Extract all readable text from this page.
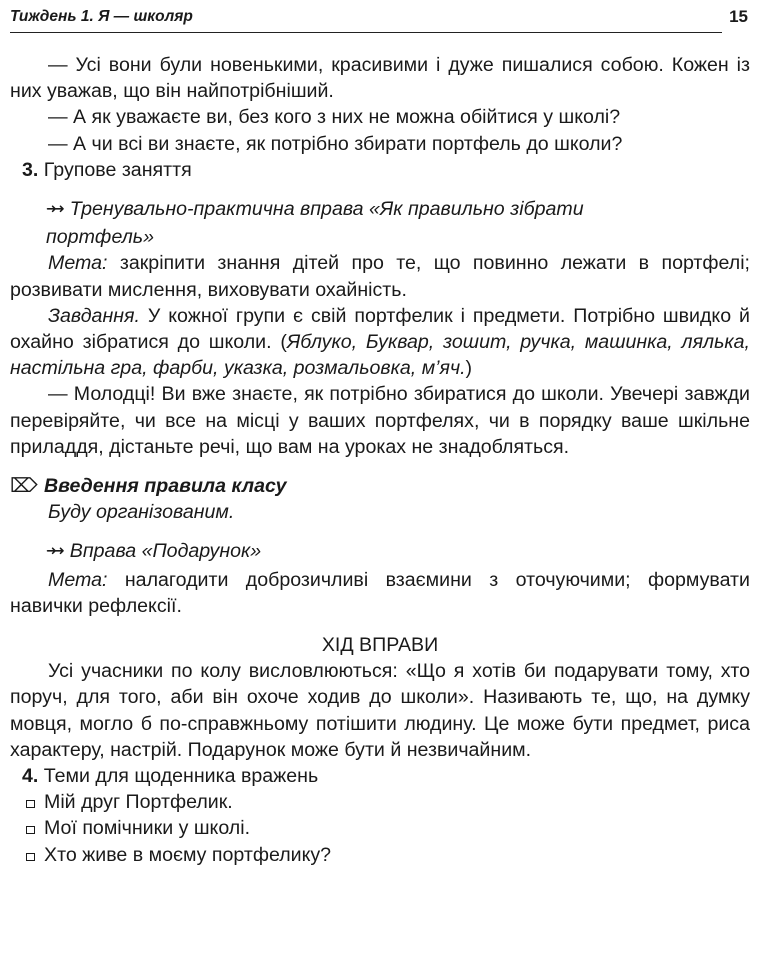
Тиждень 1. Я — школяр	15

— Усі вони були новенькими, красивими і дуже пишалися собою. Кожен із них уважав, що він найпотрібніший.

— А як уважаєте ви, без кого з них не можна обійтися у школі?

— А чи всі ви знаєте, як потрібно збирати портфель до школи?

3. Групове заняття

➜➜ Тренувально-практична вправа «Як правильно зібрати
портфель»

Мета: закріпити знання дітей про те, що повинно лежати в портфелі; розвивати мислення, виховувати охайність.

Завдання. У кожної групи є свій портфелик і предмети. Потрібно швидко й охайно зібратися до школи. (Яблуко, Буквар, зошит, ручка, машинка, лялька, настільна гра, фарби, указка, розмальовка, м’яч.)

— Молодці! Ви вже знаєте, як потрібно збиратися до школи. Увечері завжди перевіряйте, чи все на місці у ваших портфелях, чи в порядку ваше шкільне приладдя, дістаньте речі, що вам на уроках не знадобляться.

⌦ Введення правила класу

Буду організованим.

➜➜ Вправа «Подарунок»

Мета: налагодити доброзичливі взаємини з оточуючими; формувати навички рефлексії.

ХІД ВПРАВИ

Усі учасники по колу висловлюються: «Що я хотів би подарувати тому, хто поруч, для того, аби він охоче ходив до школи». Називають те, що, на думку мовця, могло б по-справжньому потішити людину. Це може бути предмет, риса характеру, настрій. Подарунок може бути й незвичайним.

4. Теми для щоденника вражень

Мій друг Портфелик.

Мої помічники у школі.

Хто живе в моєму портфелику?
